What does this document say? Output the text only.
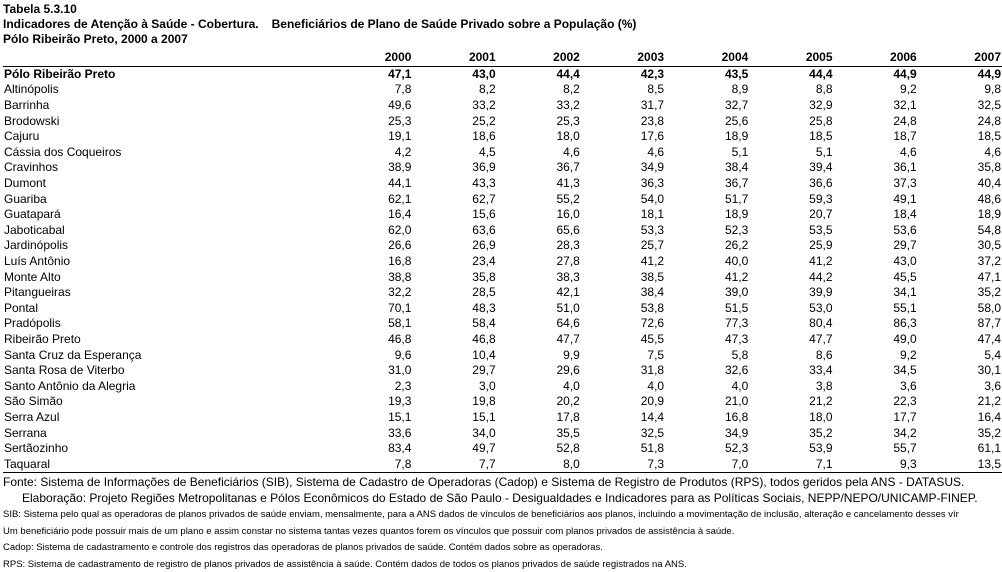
Tabela 5.3.10
Indicadores de Atenção à Saúde - Cobertura. Beneficiários de Plano de Saúde Privado sobre a População (%)
Pólo Ribeirão Preto, 2000 a 2007
	2000	2001	2002	2003	2004	2005	2006	2007
Pólo Ribeirão Preto	47,1	43,0	44,4	42,3	43,5	44,4	44,9	44,9
Altinópolis	7,8	8,2	8,2	8,5	8,9	8,8	9,2	9,8
Barrinha	49,6	33,2	33,2	31,7	32,7	32,9	32,1	32,5
Brodowski	25,3	25,2	25,3	23,8	25,6	25,8	24,8	24,8
Cajuru	19,1	18,6	18,0	17,6	18,9	18,5	18,7	18,5
Cássia dos Coqueiros	4,2	4,5	4,6	4,6	5,1	5,1	4,6	4,6
Cravinhos	38,9	36,9	36,7	34,9	38,4	39,4	36,1	35,8
Dumont	44,1	43,3	41,3	36,3	36,7	36,6	37,3	40,4
Guariba	62,1	62,7	55,2	54,0	51,7	59,3	49,1	48,6
Guatapará	16,4	15,6	16,0	18,1	18,9	20,7	18,4	18,9
Jaboticabal	62,0	63,6	65,6	53,3	52,3	53,5	53,6	54,8
Jardinópolis	26,6	26,9	28,3	25,7	26,2	25,9	29,7	30,5
Luís Antônio	16,8	23,4	27,8	41,2	40,0	41,2	43,0	37,2
Monte Alto	38,8	35,8	38,3	38,5	41,2	44,2	45,5	47,1
Pitangueiras	32,2	28,5	42,1	38,4	39,0	39,9	34,1	35,2
Pontal	70,1	48,3	51,0	53,8	51,5	53,0	55,1	58,0
Pradópolis	58,1	58,4	64,6	72,6	77,3	80,4	86,3	87,7
Ribeirão Preto	46,8	46,8	47,7	45,5	47,3	47,7	49,0	47,4
Santa Cruz da Esperança	9,6	10,4	9,9	7,5	5,8	8,6	9,2	5,4
Santa Rosa de Viterbo	31,0	29,7	29,6	31,8	32,6	33,4	34,5	30,1
Santo Antônio da Alegria	2,3	3,0	4,0	4,0	4,0	3,8	3,6	3,6
São Simão	19,3	19,8	20,2	20,9	21,0	21,2	22,3	21,2
Serra Azul	15,1	15,1	17,8	14,4	16,8	18,0	17,7	16,4
Serrana	33,6	34,0	35,5	32,5	34,9	35,2	34,2	35,2
Sertãozinho	83,4	49,7	52,8	51,8	52,3	53,9	55,7	61,1
Taquaral	7,8	7,7	8,0	7,3	7,0	7,1	9,3	13,5
Fonte: Sistema de Informações de Beneficiários (SIB), Sistema de Cadastro de Operadoras (Cadop) e Sistema de Registro de Produtos (RPS), todos geridos pela ANS - DATASUS.
Elaboração: Projeto Regiões Metropolitanas e Pólos Econômicos do Estado de São Paulo - Desigualdades e Indicadores para as Políticas Sociais, NEPP/NEPO/UNICAMP-FINEP.
SIB: Sistema pelo qual as operadoras de planos privados de saúde enviam, mensalmente, para a ANS dados de vínculos de beneficiários aos planos, incluindo a movimentação de inclusão, alteração e cancelamento desses vír
Um beneficiário pode possuir mais de um plano e assim constar no sistema tantas vezes quantos forem os vínculos que possuir com planos privados de assistência à saúde.
Cadop: Sistema de cadastramento e controle dos registros das operadoras de planos privados de saúde. Contém dados sobre as operadoras.
RPS: Sistema de cadastramento de registro de planos privados de assistência à saúde. Contém dados de todos os planos privados de saúde registrados na ANS.
